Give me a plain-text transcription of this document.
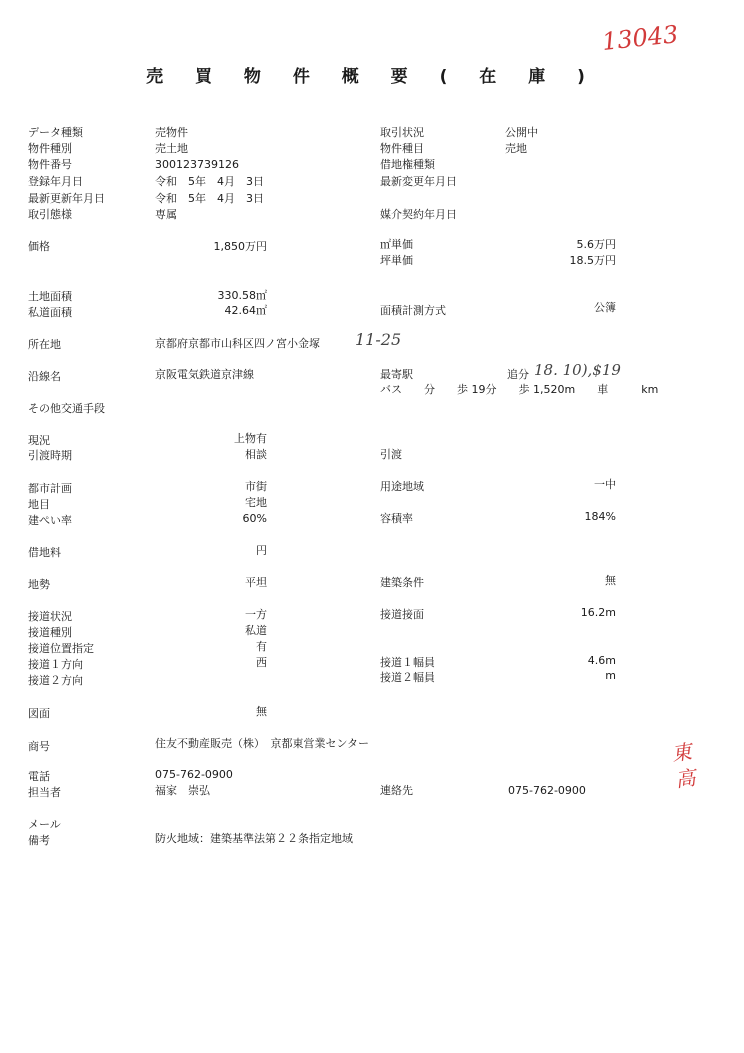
13043
売 買 物 件 概 要 ( 在 庫 )
データ種類	売物件
物件種別	売土地
物件番号	300123739126
登録年月日	令和　5年　4月　3日
最新更新年月日	令和　5年　4月　3日
取引態様	専属
取引状況	公開中
物件種目	売地
借地権種類
最新変更年月日
媒介契約年月日
価格	1,850万円	㎡単価	5.6万円
坪単価	18.5万円
土地面積	330.58㎡
私道面積	42.64㎡	面積計測方式	公簿
所在地	京都府京都市山科区四ノ宮小金塚 11-25
沿線名	京阪電気鉄道京津線	最寄駅	追分 18. 10),$19
バス　　分　　歩 19分　　歩 1,520m　　車　　　km
その他交通手段
現況	上物有
引渡時期	相談	引渡
都市計画	市街
地目	宅地
建ぺい率	60%
用途地域	一中
容積率	184%
借地料	円
地勢	平坦	建築条件	無
接道状況	一方
接道種別	私道
接道位置指定	有
接道１方向	西
接道２方向
接道接面	16.2m
接道１幅員	4.6m
接道２幅員	m
図面	無
商号	住友不動産販売（株）　京都東営業センター	東 高
電話	075-762-0900
担当者	福家　崇弘	連絡先	075-762-0900
メール
備考	防火地域：建築基準法第２２条指定地域
